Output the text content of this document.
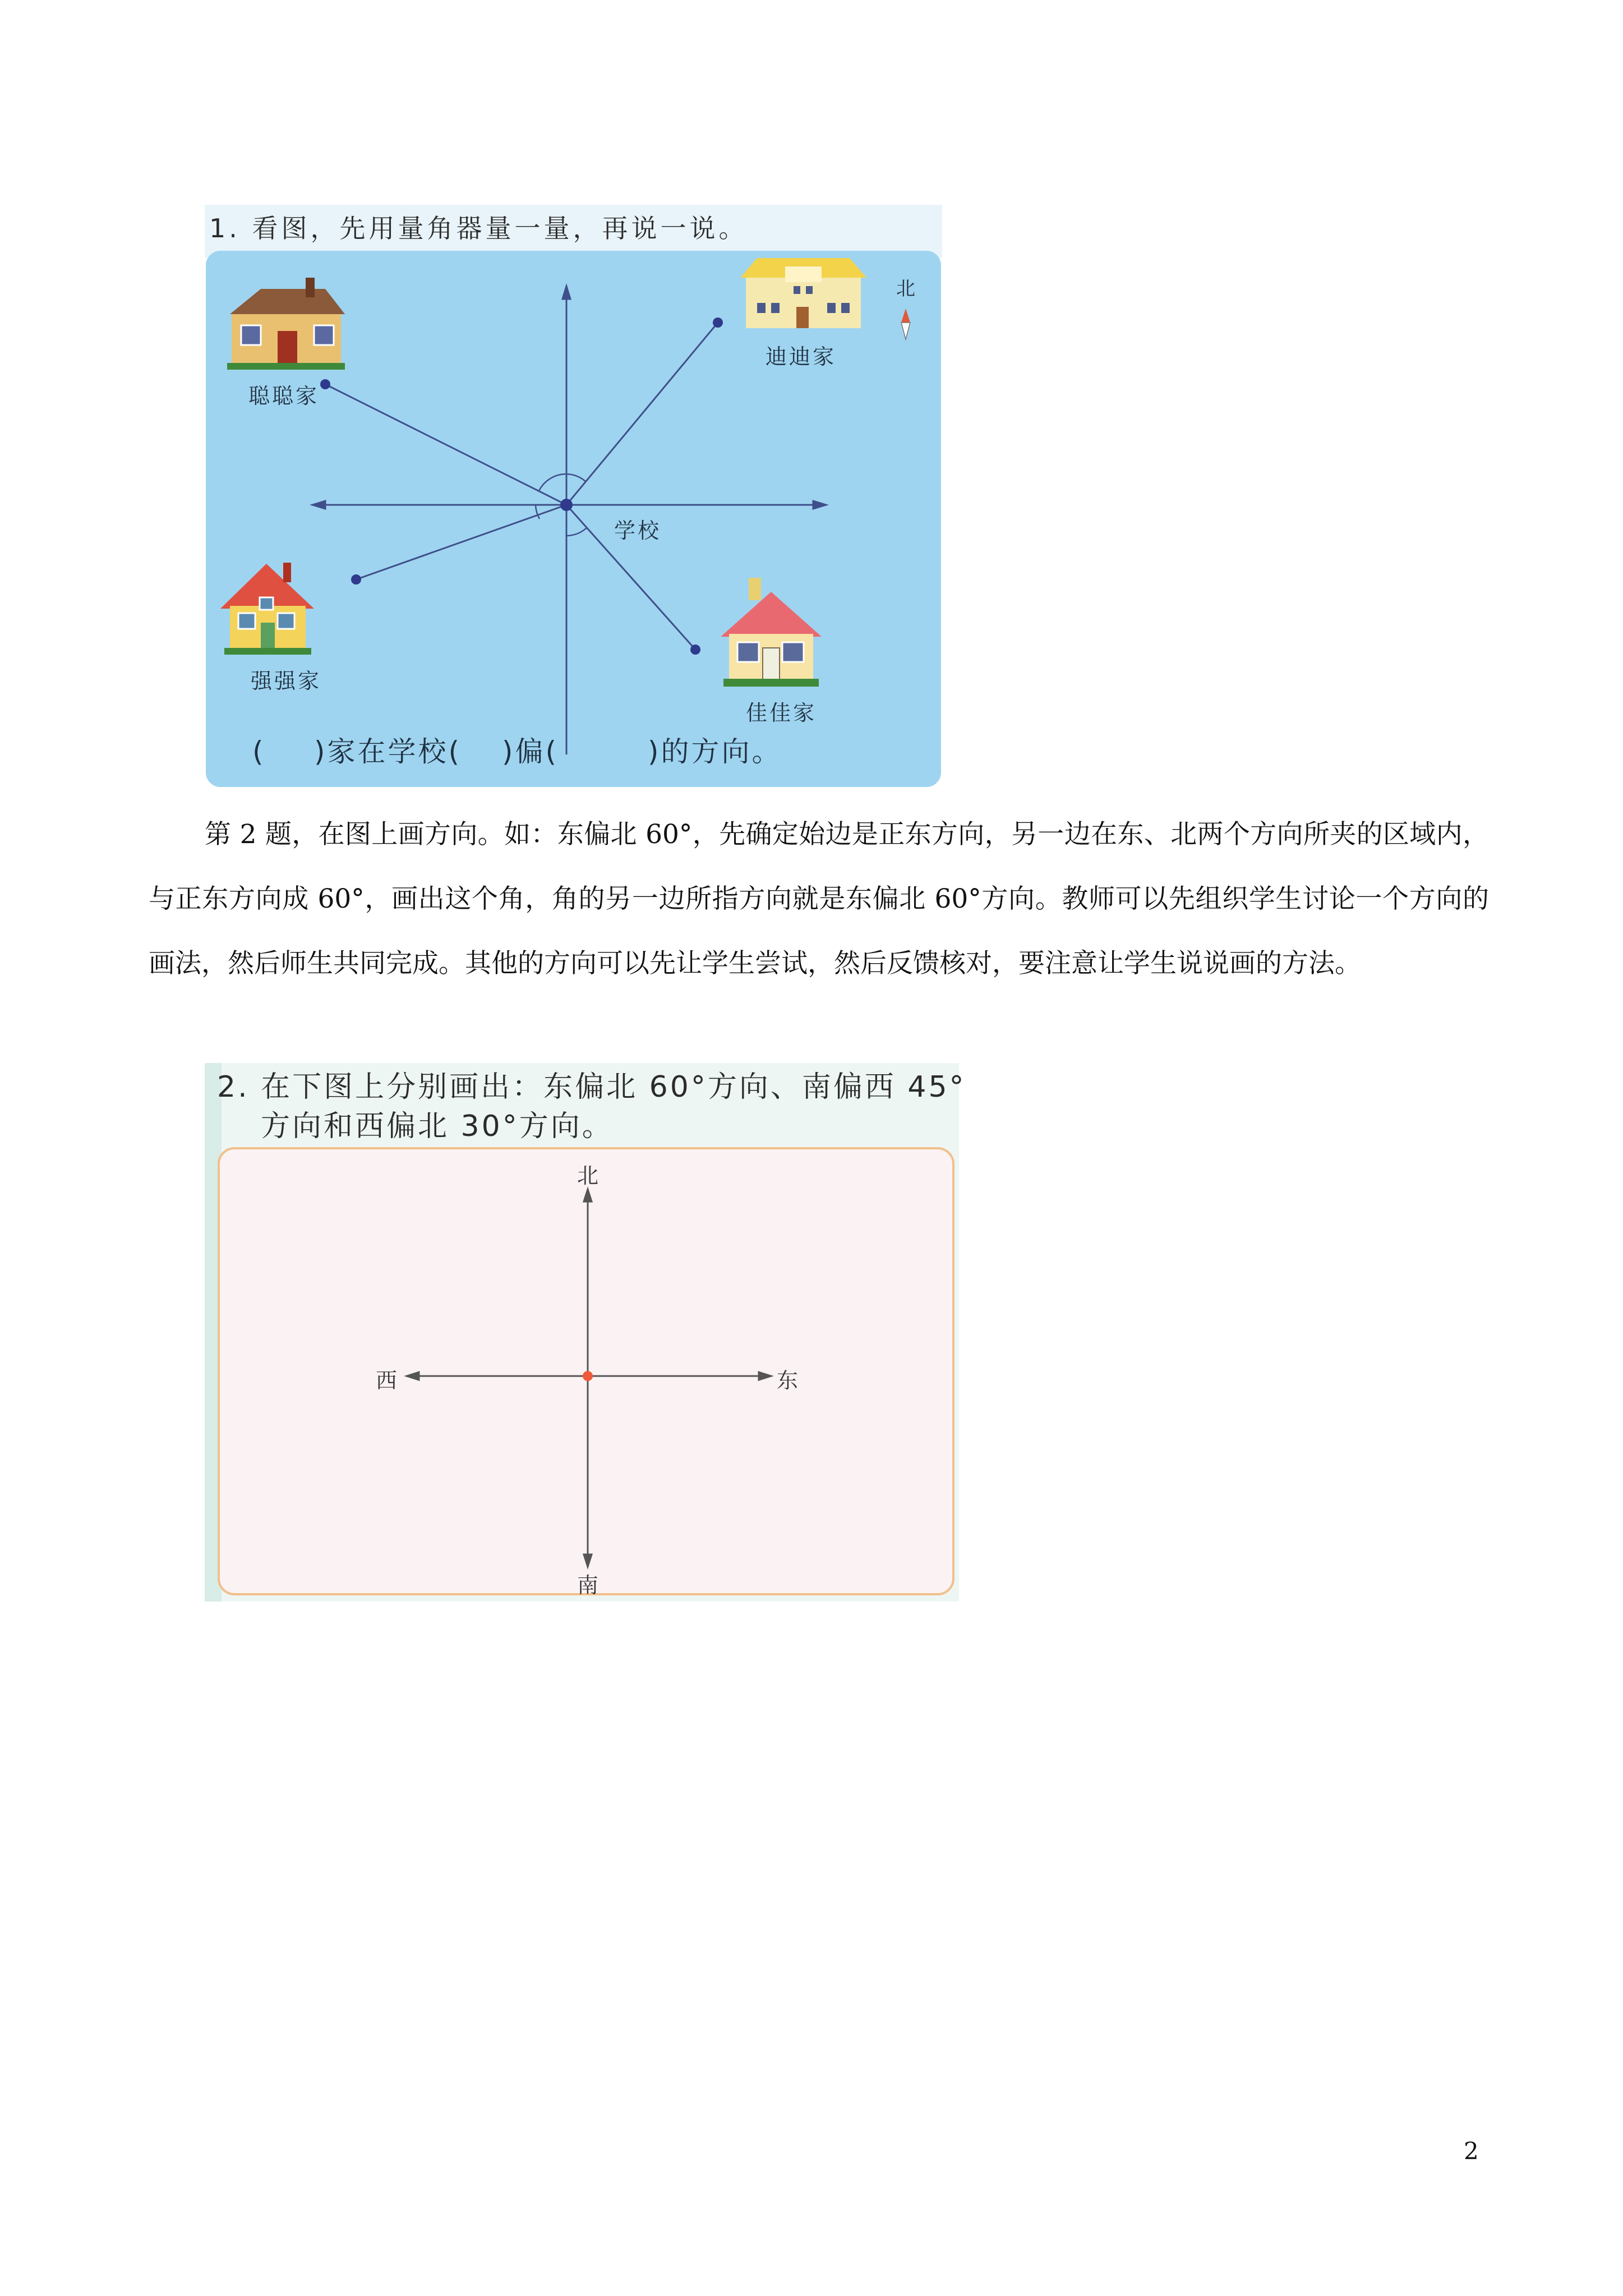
1. 看图，先用量角器量一量，再说一说。
聪聪家
迪迪家
强强家
佳佳家
学校
北
( )家在学校( )偏(	)的方向。

第 2 题，在图上画方向。如：东偏北 60°，先确定始边是正东方向，另一边在东、北两个方向所夹的区域内，与正东方向成 60°，画出这个角，角的另一边所指方向就是东偏北 60°方向。教师可以先组织学生讨论一个方向的画法，然后师生共同完成。其他的方向可以先让学生尝试，然后反馈核对，要注意让学生说说画的方法。

2. 在下图上分别画出：东偏北 60°方向、南偏西 45°
方向和西偏北 30°方向。
北
南
东
西
2
